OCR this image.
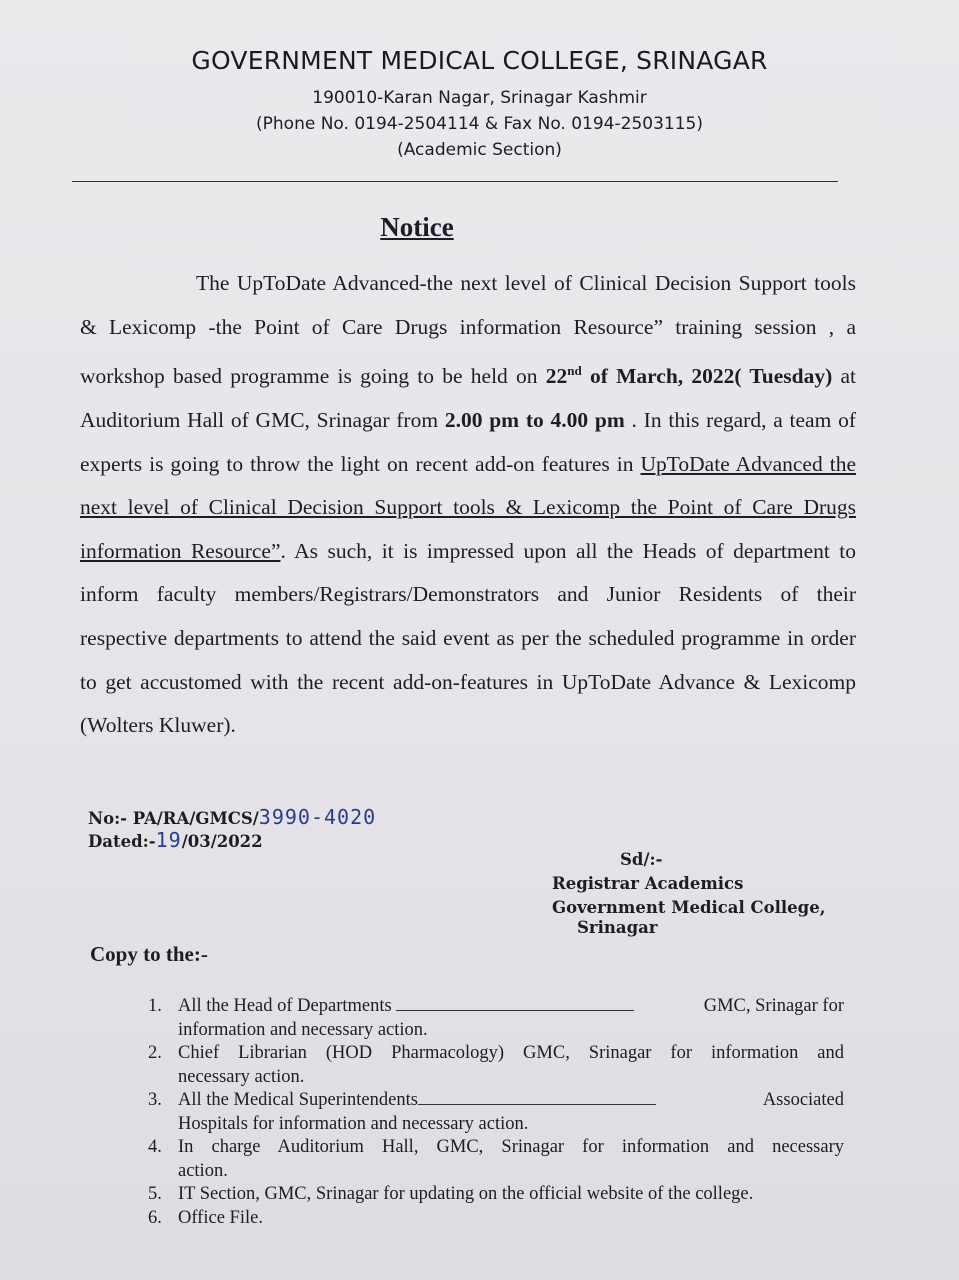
GOVERNMENT MEDICAL COLLEGE, SRINAGAR
190010-Karan Nagar, Srinagar Kashmir
(Phone No. 0194-2504114 & Fax No. 0194-2503115)
(Academic Section)
Notice
The UpToDate Advanced-the next level of Clinical Decision Support tools & Lexicomp -the Point of Care Drugs information Resource” training session , a workshop based programme is going to be held on 22nd of March, 2022( Tuesday) at Auditorium Hall of GMC, Srinagar from 2.00 pm to 4.00 pm . In this regard, a team of experts is going to throw the light on recent add-on features in UpToDate Advanced the next level of Clinical Decision Support tools & Lexicomp the Point of Care Drugs information Resource”. As such, it is impressed upon all the Heads of department to inform faculty members/Registrars/Demonstrators and Junior Residents of their respective departments to attend the said event as per the scheduled programme in order to get accustomed with the recent add-on-features in UpToDate Advance & Lexicomp (Wolters Kluwer).
No:- PA/RA/GMCS/3990-4020
Dated:-19/03/2022
Sd/:-
Registrar Academics
Government Medical College,
Srinagar
Copy to the:-
1. All the Head of Departments	GMC, Srinagar for
information and necessary action.
2. Chief Librarian (HOD Pharmacology) GMC, Srinagar for information and
necessary action.
3. All the Medical Superintendents	Associated
Hospitals for information and necessary action.
4. In charge Auditorium Hall, GMC, Srinagar for information and necessary
action.
5. IT Section, GMC, Srinagar for updating on the official website of the college.
6. Office File.
